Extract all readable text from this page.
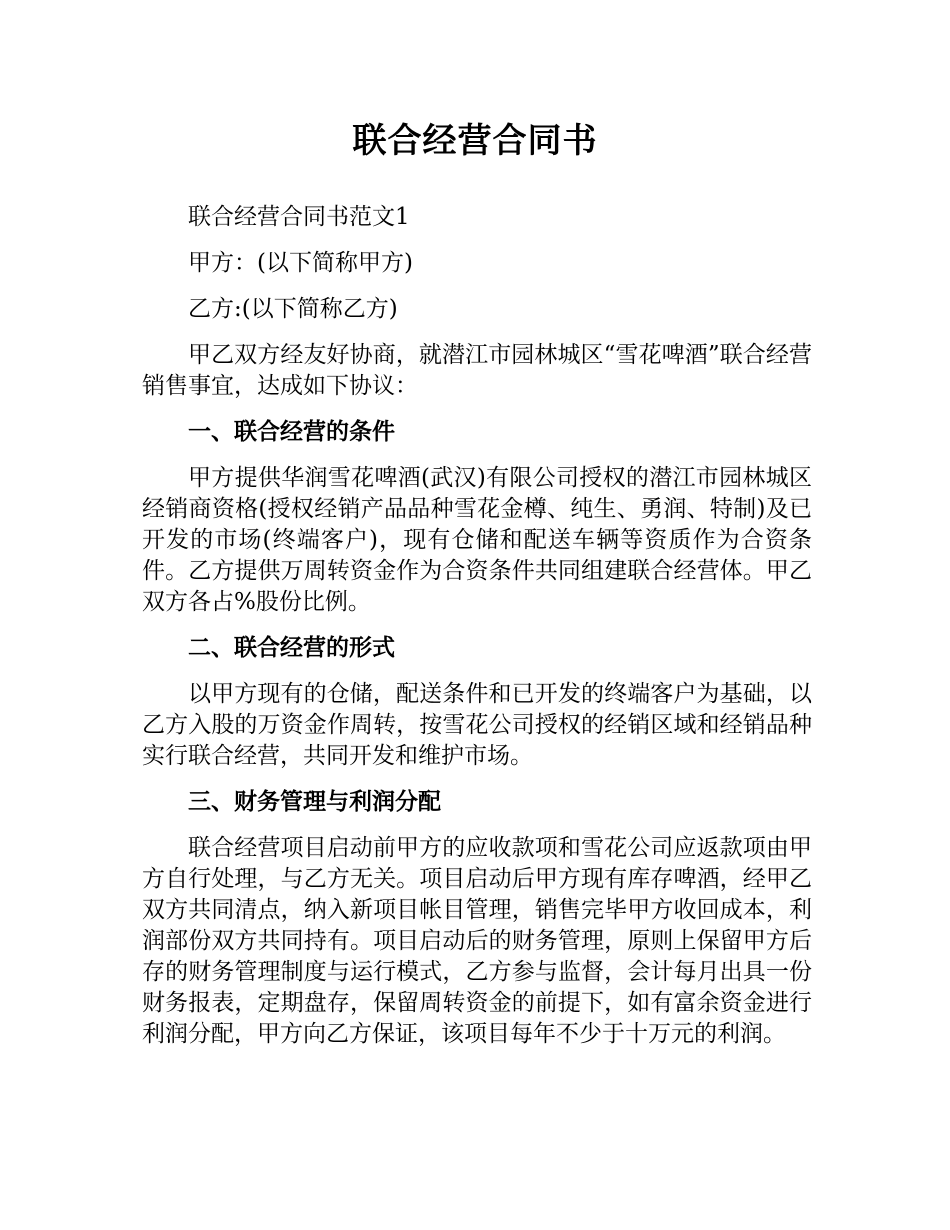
联合经营合同书

联合经营合同书范文1

甲方：(以下简称甲方)

乙方:(以下简称乙方)

甲乙双方经友好协商，就潜江市园林城区“雪花啤酒”联合经营销售事宜，达成如下协议：

一、联合经营的条件

甲方提供华润雪花啤酒(武汉)有限公司授权的潜江市园林城区经销商资格(授权经销产品品种雪花金樽、纯生、勇润、特制)及已开发的市场(终端客户)，现有仓储和配送车辆等资质作为合资条件。乙方提供万周转资金作为合资条件共同组建联合经营体。甲乙双方各占%股份比例。

二、联合经营的形式

以甲方现有的仓储，配送条件和已开发的终端客户为基础，以乙方入股的万资金作周转，按雪花公司授权的经销区域和经销品种实行联合经营，共同开发和维护市场。

三、财务管理与利润分配

联合经营项目启动前甲方的应收款项和雪花公司应返款项由甲方自行处理，与乙方无关。项目启动后甲方现有库存啤酒，经甲乙双方共同清点，纳入新项目帐目管理，销售完毕甲方收回成本，利润部份双方共同持有。项目启动后的财务管理，原则上保留甲方后存的财务管理制度与运行模式，乙方参与监督，会计每月出具一份财务报表，定期盘存，保留周转资金的前提下，如有富余资金进行利润分配，甲方向乙方保证，该项目每年不少于十万元的利润。
